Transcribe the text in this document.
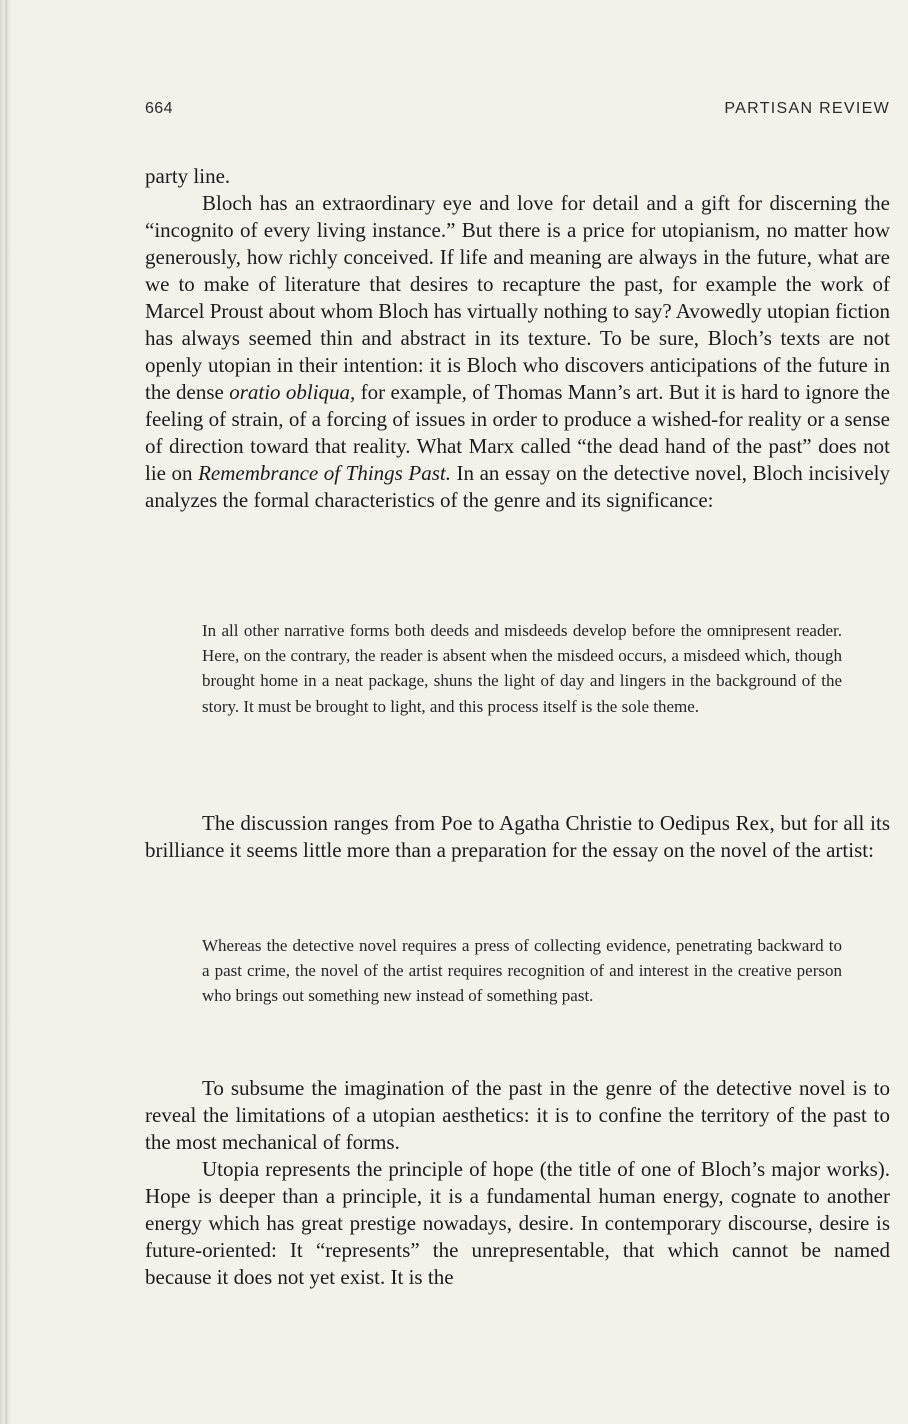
664	PARTISAN REVIEW

party line.

Bloch has an extraordinary eye and love for detail and a gift for discerning the “incognito of every living instance.” But there is a price for utopianism, no matter how generously, how richly conceived. If life and meaning are always in the future, what are we to make of literature that desires to recapture the past, for example the work of Marcel Proust about whom Bloch has virtually nothing to say? Avowedly utopian fiction has always seemed thin and abstract in its texture. To be sure, Bloch’s texts are not openly utopian in their intention: it is Bloch who discovers anticipations of the future in the dense oratio obliqua, for example, of Thomas Mann’s art. But it is hard to ignore the feeling of strain, of a forcing of issues in order to produce a wished-for reality or a sense of direction toward that reality. What Marx called “the dead hand of the past” does not lie on Remembrance of Things Past. In an essay on the detective novel, Bloch incisively analyzes the formal characteristics of the genre and its significance:

In all other narrative forms both deeds and misdeeds develop before the omnipresent reader. Here, on the contrary, the reader is absent when the misdeed occurs, a misdeed which, though brought home in a neat package, shuns the light of day and lingers in the background of the story. It must be brought to light, and this process itself is the sole theme.

The discussion ranges from Poe to Agatha Christie to Oedipus Rex, but for all its brilliance it seems little more than a preparation for the essay on the novel of the artist:

Whereas the detective novel requires a press of collecting evidence, penetrating backward to a past crime, the novel of the artist requires recognition of and interest in the creative person who brings out something new instead of something past.

To subsume the imagination of the past in the genre of the detective novel is to reveal the limitations of a utopian aesthetics: it is to confine the territory of the past to the most mechanical of forms.

Utopia represents the principle of hope (the title of one of Bloch’s major works). Hope is deeper than a principle, it is a fundamental human energy, cognate to another energy which has great prestige nowadays, desire. In contemporary discourse, desire is future-oriented: It “represents” the unrepresentable, that which cannot be named because it does not yet exist. It is the
